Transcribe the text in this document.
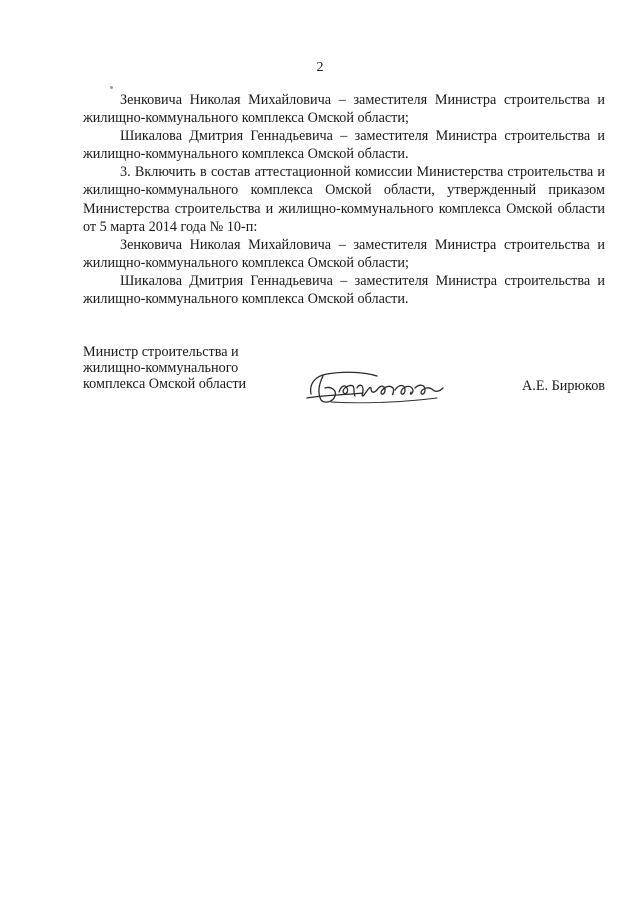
2

Зенковича Николая Михайловича – заместителя Министра строительства и жилищно-коммунального комплекса Омской области;

Шикалова Дмитрия Геннадьевича – заместителя Министра строительства и жилищно-коммунального комплекса Омской области.

3. Включить в состав аттестационной комиссии Министерства строительства и жилищно-коммунального комплекса Омской области, утвержденный приказом Министерства строительства и жилищно-коммунального комплекса Омской области от 5 марта 2014 года № 10-п:

Зенковича Николая Михайловича – заместителя Министра строительства и жилищно-коммунального комплекса Омской области;

Шикалова Дмитрия Геннадьевича – заместителя Министра строительства и жилищно-коммунального комплекса Омской области.

Министр строительства и
жилищно-коммунального
комплекса Омской области	А.Е. Бирюков
